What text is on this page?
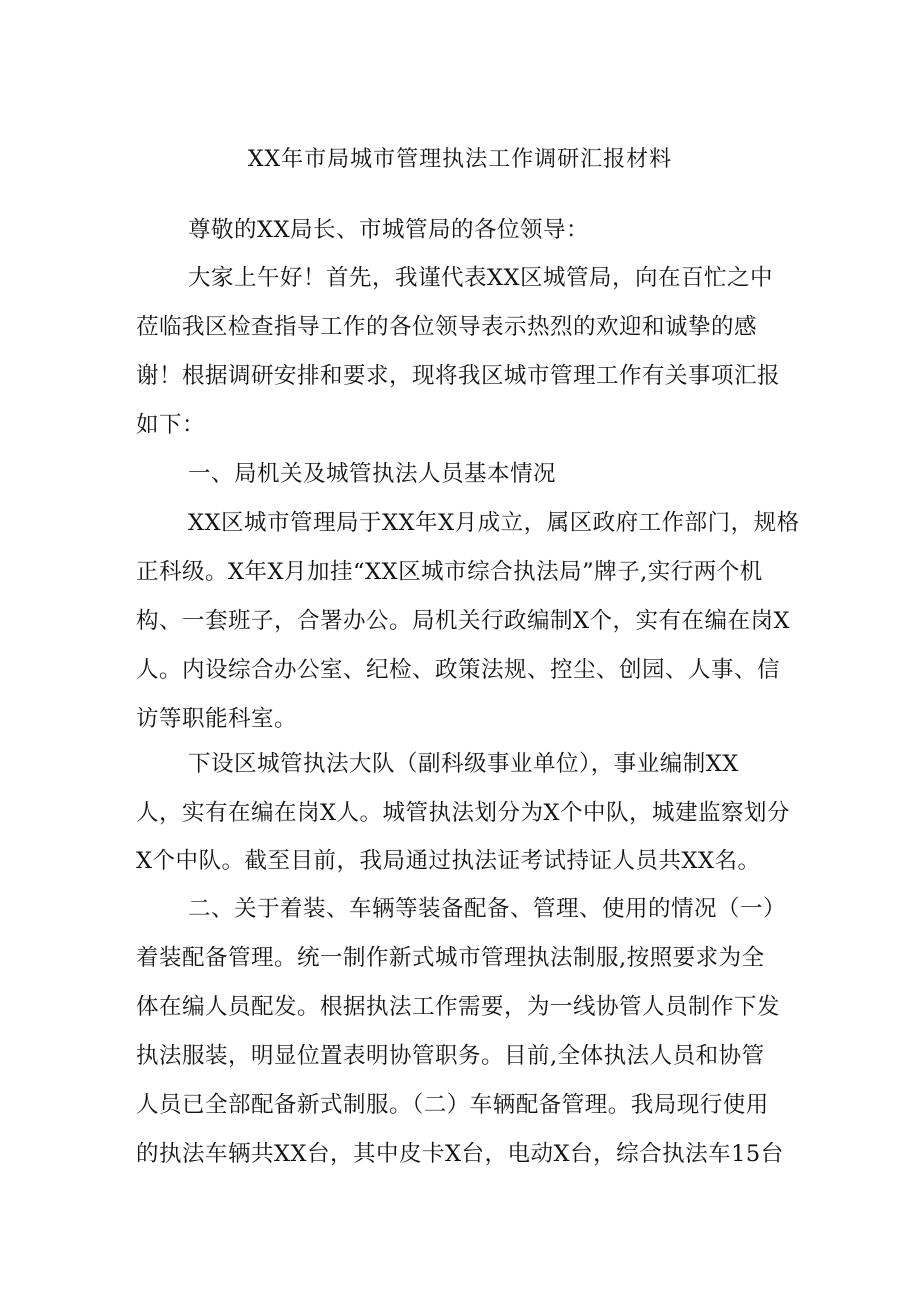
XX年市局城市管理执法工作调研汇报材料
尊敬的XX局长、市城管局的各位领导：
大家上午好！首先，我谨代表XX区城管局，向在百忙之中
莅临我区检查指导工作的各位领导表示热烈的欢迎和诚挚的感
谢！根据调研安排和要求，现将我区城市管理工作有关事项汇报
如下：
一、局机关及城管执法人员基本情况
XX区城市管理局于XX年X月成立，属区政府工作部门，规格
正科级。X年X月加挂“XX区城市综合执法局”牌子,实行两个机
构、一套班子，合署办公。局机关行政编制X个，实有在编在岗X
人。内设综合办公室、纪检、政策法规、控尘、创园、人事、信
访等职能科室。
下设区城管执法大队（副科级事业单位），事业编制XX
人，实有在编在岗X人。城管执法划分为X个中队，城建监察划分
X个中队。截至目前，我局通过执法证考试持证人员共XX名。
二、关于着装、车辆等装备配备、管理、使用的情况（一）
着装配备管理。统一制作新式城市管理执法制服,按照要求为全
体在编人员配发。根据执法工作需要，为一线协管人员制作下发
执法服装，明显位置表明协管职务。目前,全体执法人员和协管
人员已全部配备新式制服。（二）车辆配备管理。我局现行使用
的执法车辆共XX台，其中皮卡X台，电动X台，综合执法车15台
